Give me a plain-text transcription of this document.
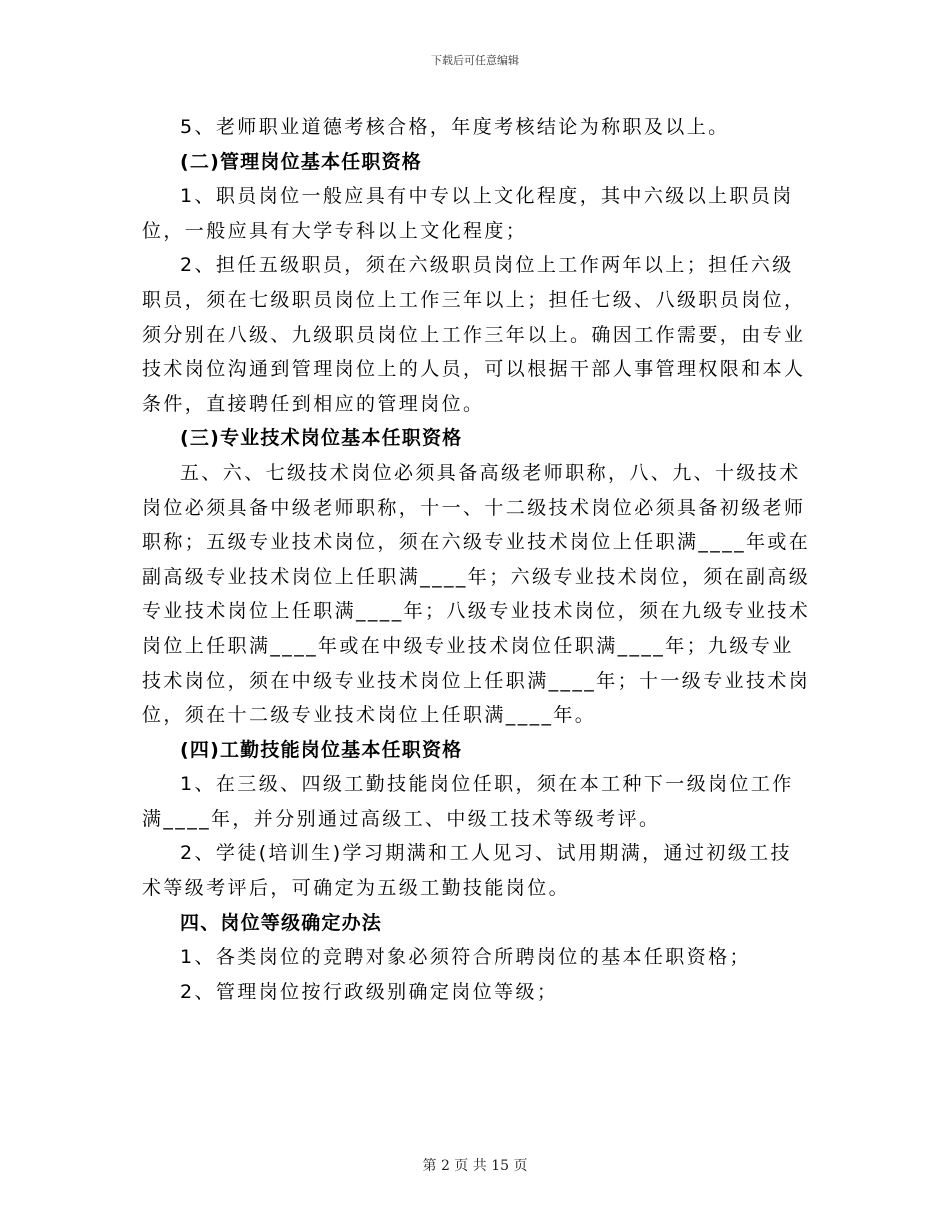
下载后可任意编辑

5、老师职业道德考核合格，年度考核结论为称职及以上。

(二)管理岗位基本任职资格

1、职员岗位一般应具有中专以上文化程度，其中六级以上职员岗位，一般应具有大学专科以上文化程度；

2、担任五级职员，须在六级职员岗位上工作两年以上；担任六级职员，须在七级职员岗位上工作三年以上；担任七级、八级职员岗位，须分别在八级、九级职员岗位上工作三年以上。确因工作需要，由专业技术岗位沟通到管理岗位上的人员，可以根据干部人事管理权限和本人条件，直接聘任到相应的管理岗位。

(三)专业技术岗位基本任职资格

五、六、七级技术岗位必须具备高级老师职称，八、九、十级技术岗位必须具备中级老师职称，十一、十二级技术岗位必须具备初级老师职称；五级专业技术岗位，须在六级专业技术岗位上任职满____年或在副高级专业技术岗位上任职满____年；六级专业技术岗位，须在副高级专业技术岗位上任职满____年；八级专业技术岗位，须在九级专业技术岗位上任职满____年或在中级专业技术岗位任职满____年；九级专业技术岗位，须在中级专业技术岗位上任职满____年；十一级专业技术岗位，须在十二级专业技术岗位上任职满____年。

(四)工勤技能岗位基本任职资格

1、在三级、四级工勤技能岗位任职，须在本工种下一级岗位工作满____年，并分别通过高级工、中级工技术等级考评。

2、学徒(培训生)学习期满和工人见习、试用期满，通过初级工技术等级考评后，可确定为五级工勤技能岗位。

四、岗位等级确定办法

1、各类岗位的竞聘对象必须符合所聘岗位的基本任职资格；

2、管理岗位按行政级别确定岗位等级；

第 2 页 共 15 页
